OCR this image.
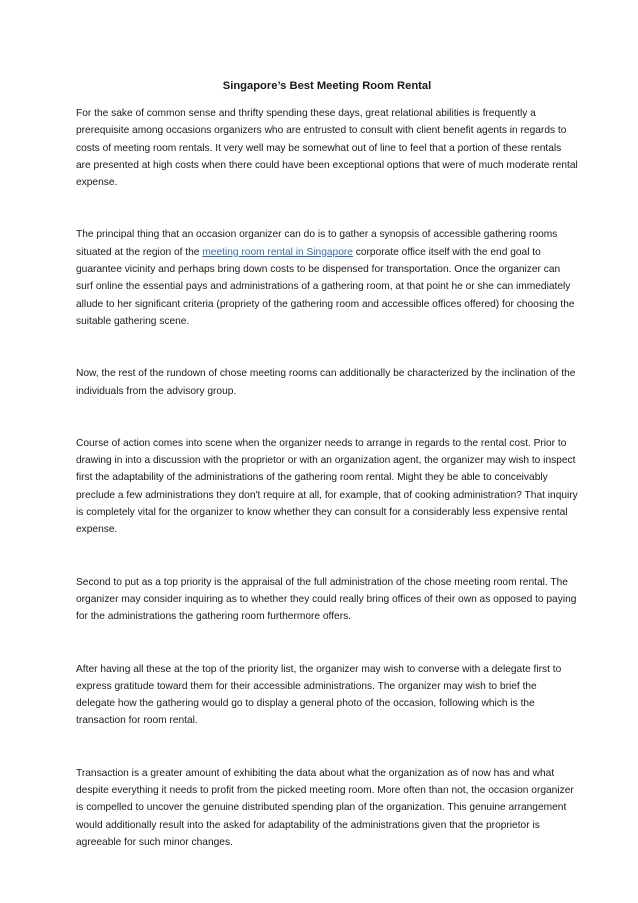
Singapore’s Best Meeting Room Rental

For the sake of common sense and thrifty spending these days, great relational abilities is frequently a prerequisite among occasions organizers who are entrusted to consult with client benefit agents in regards to costs of meeting room rentals. It very well may be somewhat out of line to feel that a portion of these rentals are presented at high costs when there could have been exceptional options that were of much moderate rental expense.

The principal thing that an occasion organizer can do is to gather a synopsis of accessible gathering rooms situated at the region of the meeting room rental in Singapore corporate office itself with the end goal to guarantee vicinity and perhaps bring down costs to be dispensed for transportation. Once the organizer can surf online the essential pays and administrations of a gathering room, at that point he or she can immediately allude to her significant criteria (propriety of the gathering room and accessible offices offered) for choosing the suitable gathering scene.

Now, the rest of the rundown of chose meeting rooms can additionally be characterized by the inclination of the individuals from the advisory group.

Course of action comes into scene when the organizer needs to arrange in regards to the rental cost. Prior to drawing in into a discussion with the proprietor or with an organization agent, the organizer may wish to inspect first the adaptability of the administrations of the gathering room rental. Might they be able to conceivably preclude a few administrations they don't require at all, for example, that of cooking administration? That inquiry is completely vital for the organizer to know whether they can consult for a considerably less expensive rental expense.

Second to put as a top priority is the appraisal of the full administration of the chose meeting room rental. The organizer may consider inquiring as to whether they could really bring offices of their own as opposed to paying for the administrations the gathering room furthermore offers.

After having all these at the top of the priority list, the organizer may wish to converse with a delegate first to express gratitude toward them for their accessible administrations. The organizer may wish to brief the delegate how the gathering would go to display a general photo of the occasion, following which is the transaction for room rental.

Transaction is a greater amount of exhibiting the data about what the organization as of now has and what despite everything it needs to profit from the picked meeting room. More often than not, the occasion organizer is compelled to uncover the genuine distributed spending plan of the organization. This genuine arrangement would additionally result into the asked for adaptability of the administrations given that the proprietor is agreeable for such minor changes.
